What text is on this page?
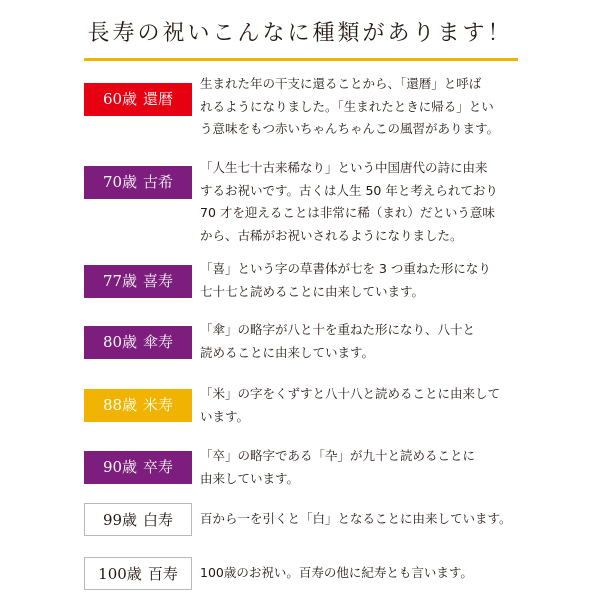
長寿の祝いこんなに種類があります！
60歳 還暦
生まれた年の干支に還ることから、「還暦」と呼ば
れるようになりました。「生まれたときに帰る」とい
う意味をもつ赤いちゃんちゃんこの風習があります。
70歳 古希
「人生七十古来稀なり」という中国唐代の詩に由来
するお祝いです。古くは人生 50 年と考えられており
70 才を迎えることは非常に稀（まれ）だという意味
から、古稀がお祝いされるようになりました。
77歳 喜寿
「喜」という字の草書体が七を 3 つ重ねた形になり
七十七と読めることに由来しています。
80歳 傘寿
「傘」の略字が八と十を重ねた形になり、八十と
読めることに由来しています。
88歳 米寿
「米」の字をくずすと八十八と読めることに由来して
います。
90歳 卒寿
「卒」の略字である「卆」が九十と読めることに
由来しています。
99歳 白寿	百から一を引くと「白」となることに由来しています。
100歳 百寿	100歳のお祝い。百寿の他に紀寿とも言います。
